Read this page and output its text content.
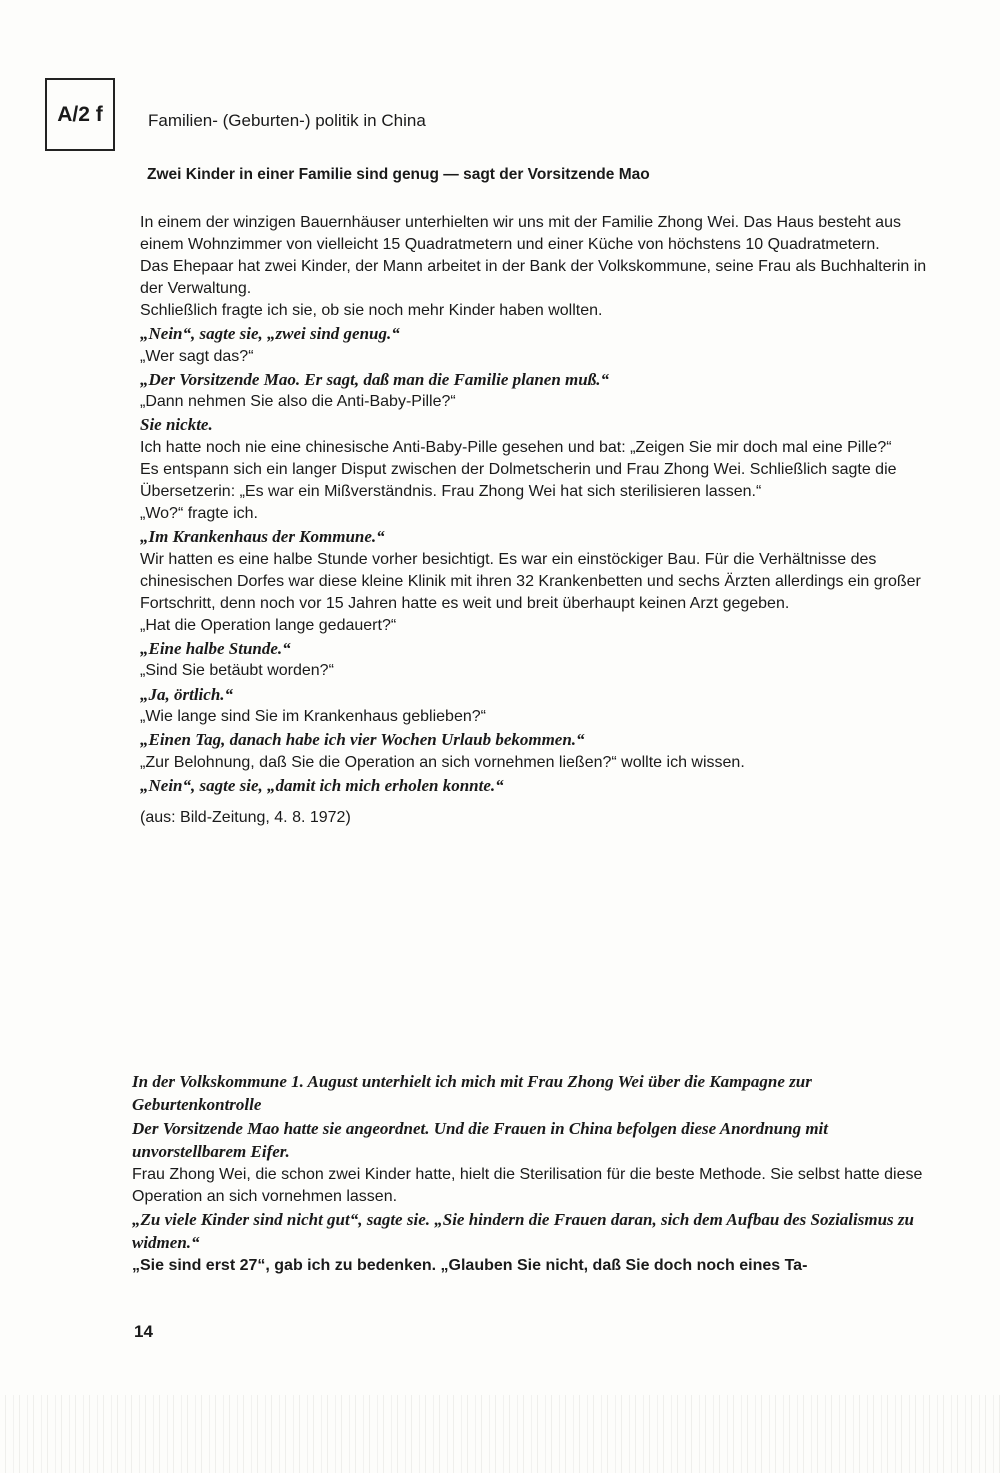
A/2 f	Familien- (Geburten-) politik in China
Zwei Kinder in einer Familie sind genug — sagt der Vorsitzende Mao

In einem der winzigen Bauernhäuser unterhielten wir uns mit der Familie Zhong Wei. Das Haus besteht aus einem Wohnzimmer von vielleicht 15 Quadratmetern und einer Küche von höchstens 10 Quadratmetern.

Das Ehepaar hat zwei Kinder, der Mann arbeitet in der Bank der Volkskommune, seine Frau als Buchhalterin in der Verwaltung.

Schließlich fragte ich sie, ob sie noch mehr Kinder haben wollten.

„Nein“, sagte sie, „zwei sind genug.“

„Wer sagt das?“

„Der Vorsitzende Mao. Er sagt, daß man die Familie planen muß.“

„Dann nehmen Sie also die Anti-Baby-Pille?“

Sie nickte.

Ich hatte noch nie eine chinesische Anti-Baby-Pille gesehen und bat: „Zeigen Sie mir doch mal eine Pille?“

Es entspann sich ein langer Disput zwischen der Dolmetscherin und Frau Zhong Wei. Schließlich sagte die Übersetzerin: „Es war ein Mißverständnis. Frau Zhong Wei hat sich sterilisieren lassen.“

„Wo?“ fragte ich.

„Im Krankenhaus der Kommune.“

Wir hatten es eine halbe Stunde vorher besichtigt. Es war ein einstöckiger Bau. Für die Verhältnisse des chinesischen Dorfes war diese kleine Klinik mit ihren 32 Krankenbetten und sechs Ärzten allerdings ein großer Fortschritt, denn noch vor 15 Jahren hatte es weit und breit überhaupt keinen Arzt gegeben.

„Hat die Operation lange gedauert?“

„Eine halbe Stunde.“

„Sind Sie betäubt worden?“

„Ja, örtlich.“

„Wie lange sind Sie im Krankenhaus geblieben?“

„Einen Tag, danach habe ich vier Wochen Urlaub bekommen.“

„Zur Belohnung, daß Sie die Operation an sich vornehmen ließen?“ wollte ich wissen.

„Nein“, sagte sie, „damit ich mich erholen konnte.“

(aus: Bild-Zeitung, 4. 8. 1972)

In der Volkskommune 1. August unterhielt ich mich mit Frau Zhong Wei über die Kampagne zur Geburtenkontrolle

Der Vorsitzende Mao hatte sie angeordnet. Und die Frauen in China befolgen diese Anordnung mit unvorstellbarem Eifer.

Frau Zhong Wei, die schon zwei Kinder hatte, hielt die Sterilisation für die beste Methode. Sie selbst hatte diese Operation an sich vornehmen lassen.

„Zu viele Kinder sind nicht gut“, sagte sie. „Sie hindern die Frauen daran, sich dem Aufbau des Sozialismus zu widmen.“

„Sie sind erst 27“, gab ich zu bedenken. „Glauben Sie nicht, daß Sie doch noch eines Ta-

14
